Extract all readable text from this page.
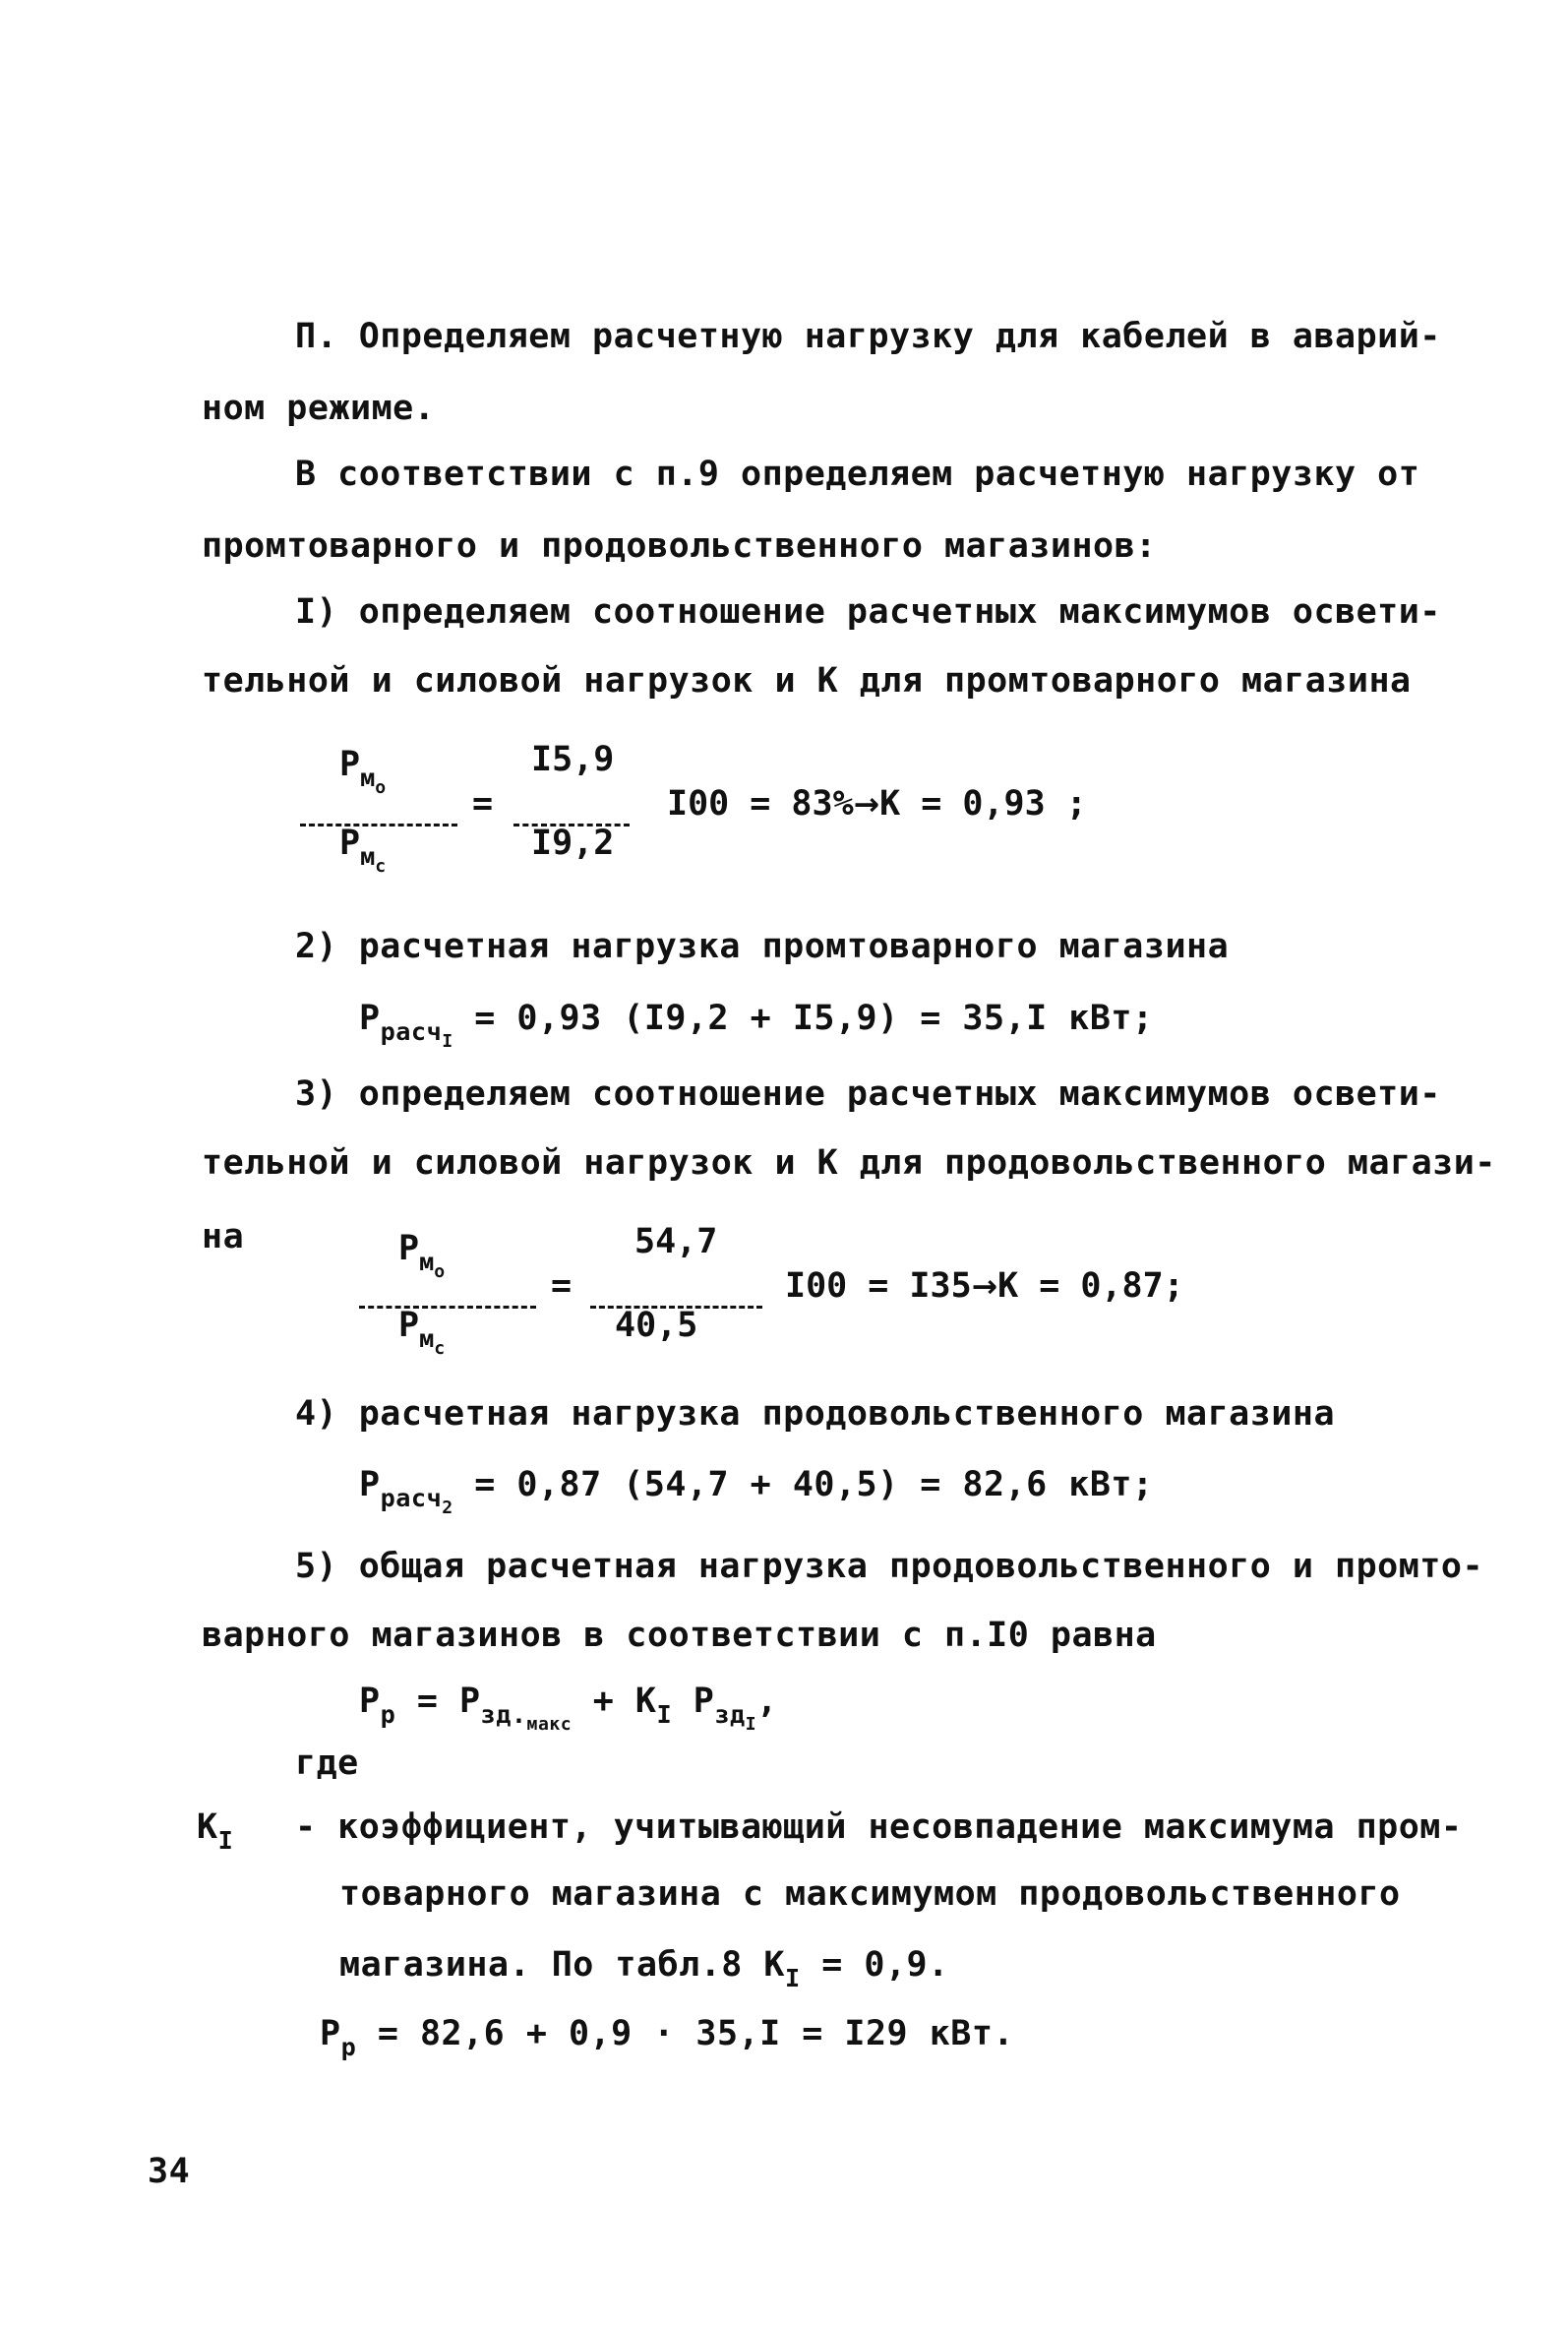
П. Определяем расчетную нагрузку для кабелей в аварий-
ном режиме.
В соответствии с п.9 определяем расчетную нагрузку от
промтоварного и продовольственного магазинов:
I) определяем соотношение расчетных максимумов освети-
тельной и силовой нагрузок и К для промтоварного магазина
$P_{м_o}$
$P_{м_c}$
=
I5,9
I9,2
I00 = 83%→К = 0,93 ;
2) расчетная нагрузка промтоварного магазина
$P_{расч_I} = 0,93$ (I9,2 + I5,9) = 35,I кВт;
3) определяем соотношение расчетных максимумов освети-
тельной и силовой нагрузок и К для продовольственного магази-
на	$P_{м_o}$
$P_{м_c}$
=
54,7
40,5
I00 = I35→К = 0,87;
4) расчетная нагрузка продовольственного магазина
$P_{расч_2} = 0,87$ (54,7 + 40,5) = 82,6 кВт;
5) общая расчетная нагрузка продовольственного и промто-
варного магазинов в соответствии с п.I0 равна
$P_р = P_{зд._{макс}} + K_I$ $P_{зд_I}$,
где
$К_I$ - коэффициент, учитывающий несовпадение максимума пром-
товарного магазина с максимумом продовольственного
магазина. По табл.8 $К_I = 0,9$.
$P_р = 82,6 + 0,9 \cdot 35,I = I29$ кВт.
34
